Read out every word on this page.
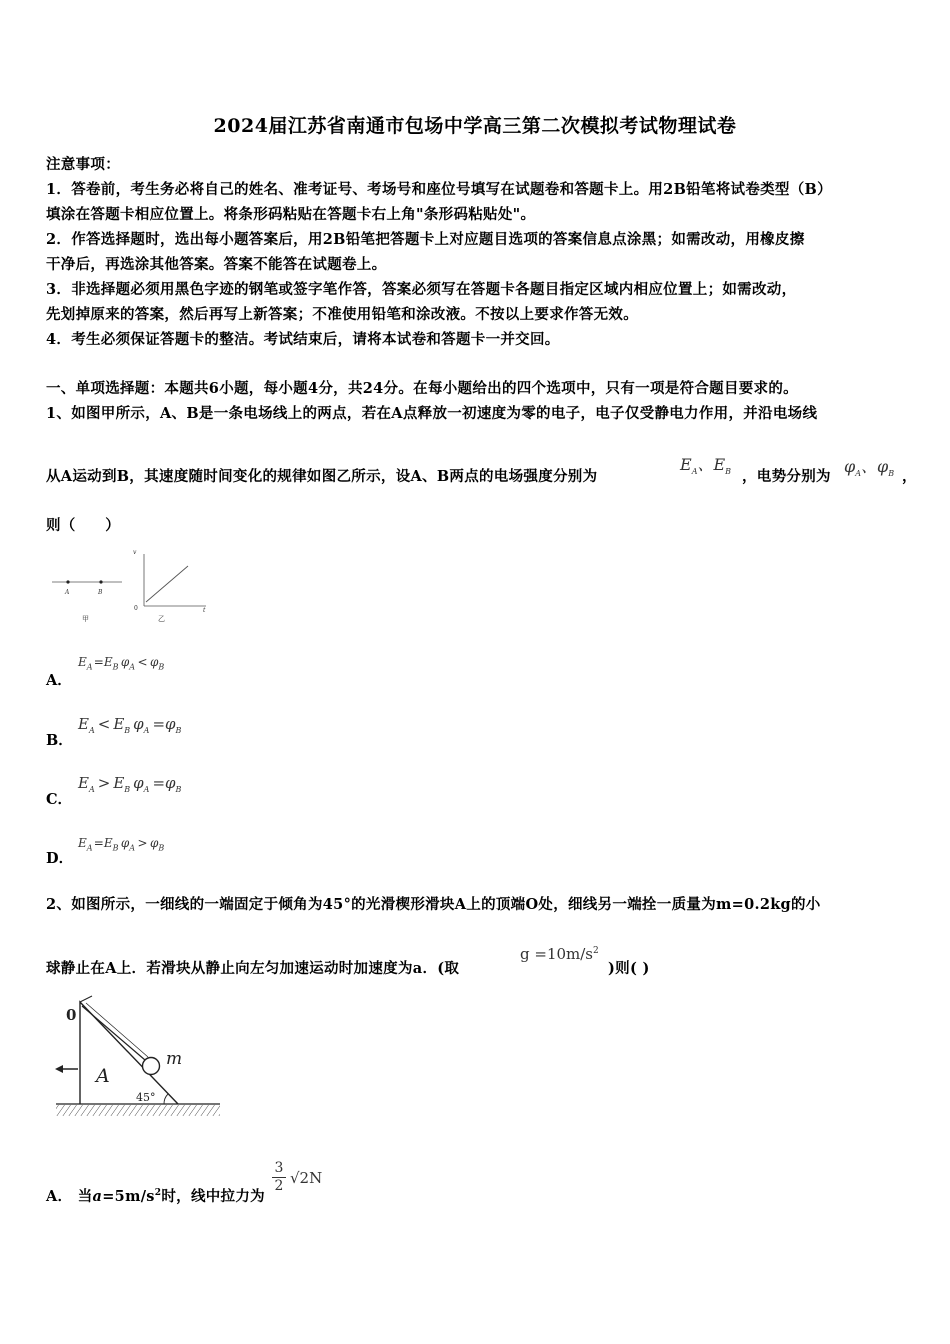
2024届江苏省南通市包场中学高三第二次模拟考试物理试卷
注意事项：
1．答卷前，考生务必将自己的姓名、准考证号、考场号和座位号填写在试题卷和答题卡上。用2B铅笔将试卷类型（B）
填涂在答题卡相应位置上。将条形码粘贴在答题卡右上角"条形码粘贴处"。
2．作答选择题时，选出每小题答案后，用2B铅笔把答题卡上对应题目选项的答案信息点涂黑；如需改动，用橡皮擦
干净后，再选涂其他答案。答案不能答在试题卷上。
3．非选择题必须用黑色字迹的钢笔或签字笔作答，答案必须写在答题卡各题目指定区域内相应位置上；如需改动，
先划掉原来的答案，然后再写上新答案；不准使用铅笔和涂改液。不按以上要求作答无效。
4．考生必须保证答题卡的整洁。考试结束后，请将本试卷和答题卡一并交回。
一、单项选择题：本题共6小题，每小题4分，共24分。在每小题给出的四个选项中，只有一项是符合题目要求的。
1、如图甲所示，A、B是一条电场线上的两点，若在A点释放一初速度为零的电子，电子仅受静电力作用，并沿电场线
从A运动到B，其速度随时间变化的规律如图乙所示，设A、B两点的电场强度分别为
$E_A$、$E_B$ ，电势分别为
$\varphi_A$、$\varphi_B$ ，
则（　　）
A	B
甲
v
t
0
乙
A．
$E_A$ $=E_B$  $\varphi_A < \varphi_B$
B．
$E_A < E_B$  $\varphi_A =\varphi_B$
C．
$E_A > E_B$  $\varphi_A =\varphi_B$
D．
$E_A$ $=E_B$  $\varphi_A > \varphi_B$
2、如图所示，一细线的一端固定于倾角为45°的光滑楔形滑块A上的顶端O处，细线另一端拴一质量为m=0.2kg的小
球静止在A上．若滑块从静止向左匀加速运动时加速度为a．(取
$g =10m/s^2$
)则( )
0
m
A
45°
A． 当$a=5m/s^2$时，线中拉力为
3
2 √2N
